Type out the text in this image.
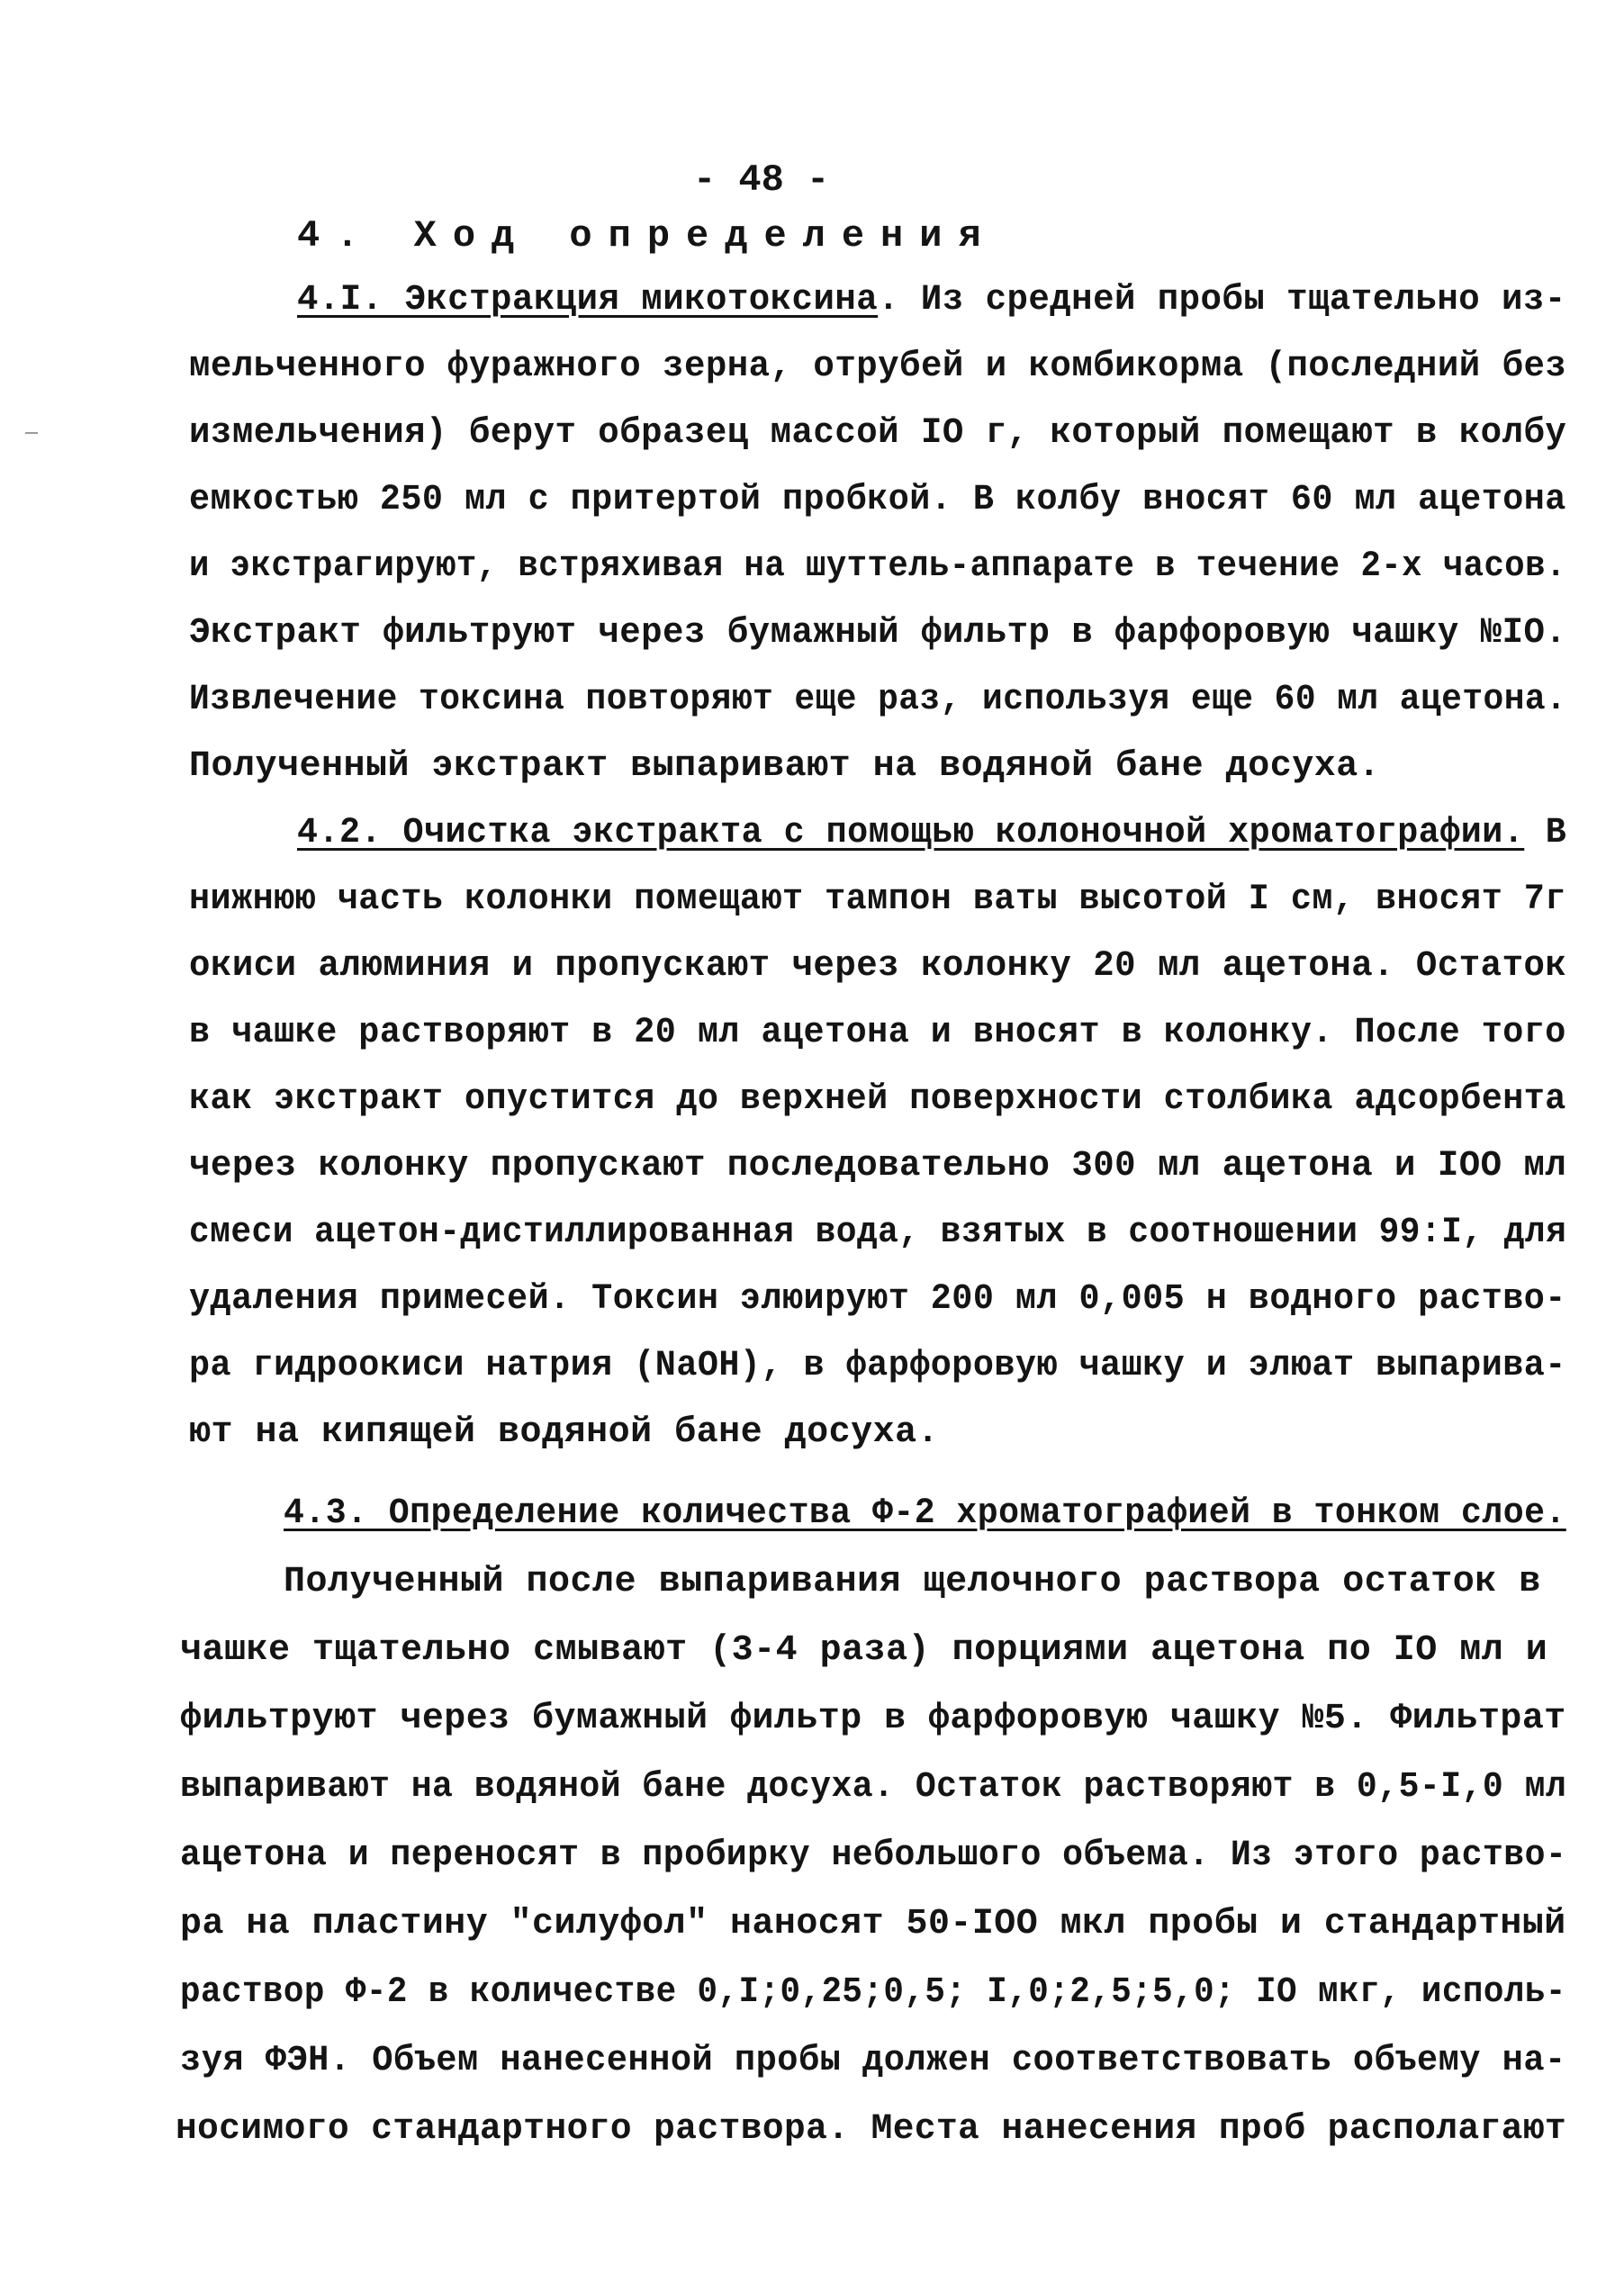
- 48 -
4. Ход определения
4.I. Экстракция микотоксина. Из средней пробы тщательно из-
мельченного фуражного зерна, отрубей и комбикорма (последний без
измельчения) берут образец массой IO г, который помещают в колбу
емкостью 250 мл с притертой пробкой. В колбу вносят 60 мл ацетона
и экстрагируют, встряхивая на шуттель-аппарате в течение 2-х часов.
Экстракт фильтруют через бумажный фильтр в фарфоровую чашку №IO.
Извлечение токсина повторяют еще раз, используя еще 60 мл ацетона.
Полученный экстракт выпаривают на водяной бане досуха.
4.2. Очистка экстракта с помощью колоночной хроматографии. В
нижнюю часть колонки помещают тампон ваты высотой I см, вносят 7г
окиси алюминия и пропускают через колонку 20 мл ацетона. Остаток
в чашке растворяют в 20 мл ацетона и вносят в колонку. После того
как экстракт опустится до верхней поверхности столбика адсорбента
через колонку пропускают последовательно 300 мл ацетона и IOO мл
смеси ацетон-дистиллированная вода, взятых в соотношении 99:I, для
удаления примесей. Токсин элюируют 200 мл 0,005 н водного раство-
ра гидроокиси натрия (NaOH), в фарфоровую чашку и элюат выпарива-
ют на кипящей водяной бане досуха.
4.3. Определение количества Ф-2 хроматографией в тонком слое.
Полученный после выпаривания щелочного раствора остаток в
чашке тщательно смывают (3-4 раза) порциями ацетона по IO мл и
фильтруют через бумажный фильтр в фарфоровую чашку №5. Фильтрат
выпаривают на водяной бане досуха. Остаток растворяют в 0,5-I,0 мл
ацетона и переносят в пробирку небольшого объема. Из этого раство-
ра на пластину "силуфол" наносят 50-IOO мкл пробы и стандартный
раствор Ф-2 в количестве 0,I;0,25;0,5; I,0;2,5;5,0; IO мкг, исполь-
зуя ФЭН. Объем нанесенной пробы должен соответствовать объему на-
носимого стандартного раствора. Места нанесения проб располагают
